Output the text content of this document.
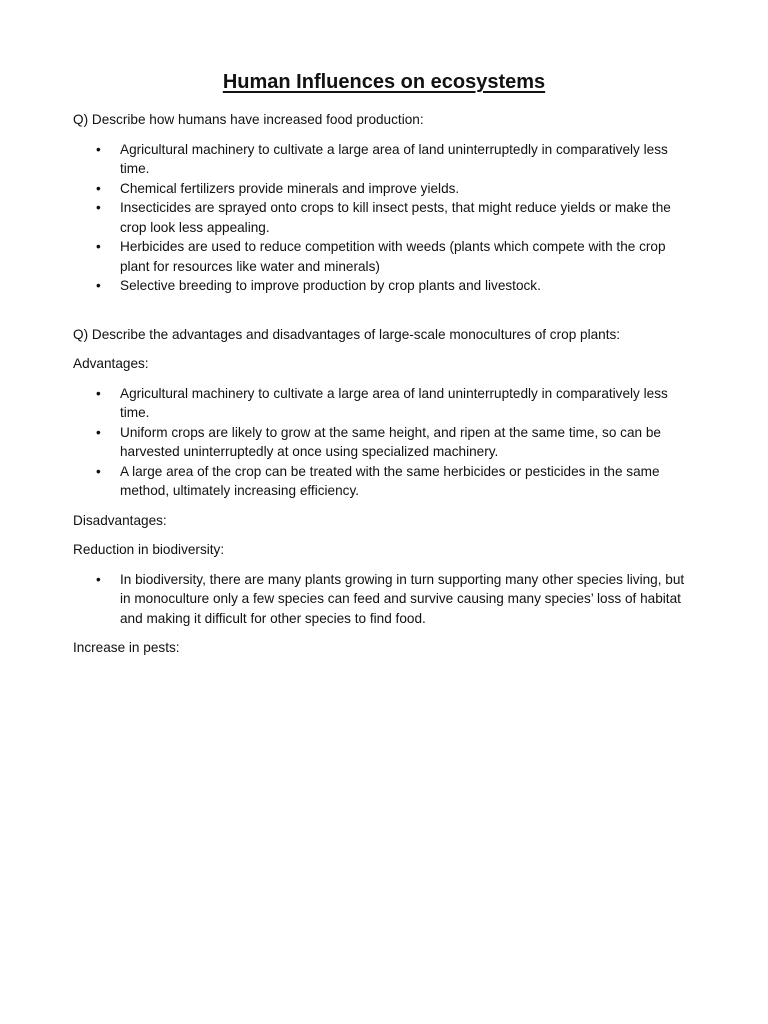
Human Influences on ecosystems

Q) Describe how humans have increased food production:

• Agricultural machinery to cultivate a large area of land uninterruptedly in comparatively less time.
• Chemical fertilizers provide minerals and improve yields.
• Insecticides are sprayed onto crops to kill insect pests, that might reduce yields or make the crop look less appealing.
• Herbicides are used to reduce competition with weeds (plants which compete with the crop plant for resources like water and minerals)
• Selective breeding to improve production by crop plants and livestock.

Q) Describe the advantages and disadvantages of large-scale monocultures of crop plants:

Advantages:

• Agricultural machinery to cultivate a large area of land uninterruptedly in comparatively less time.
• Uniform crops are likely to grow at the same height, and ripen at the same time, so can be harvested uninterruptedly at once using specialized machinery.
• A large area of the crop can be treated with the same herbicides or pesticides in the same method, ultimately increasing efficiency.

Disadvantages:

Reduction in biodiversity:

• In biodiversity, there are many plants growing in turn supporting many other species living, but in monoculture only a few species can feed and survive causing many species’ loss of habitat and making it difficult for other species to find food.

Increase in pests:
